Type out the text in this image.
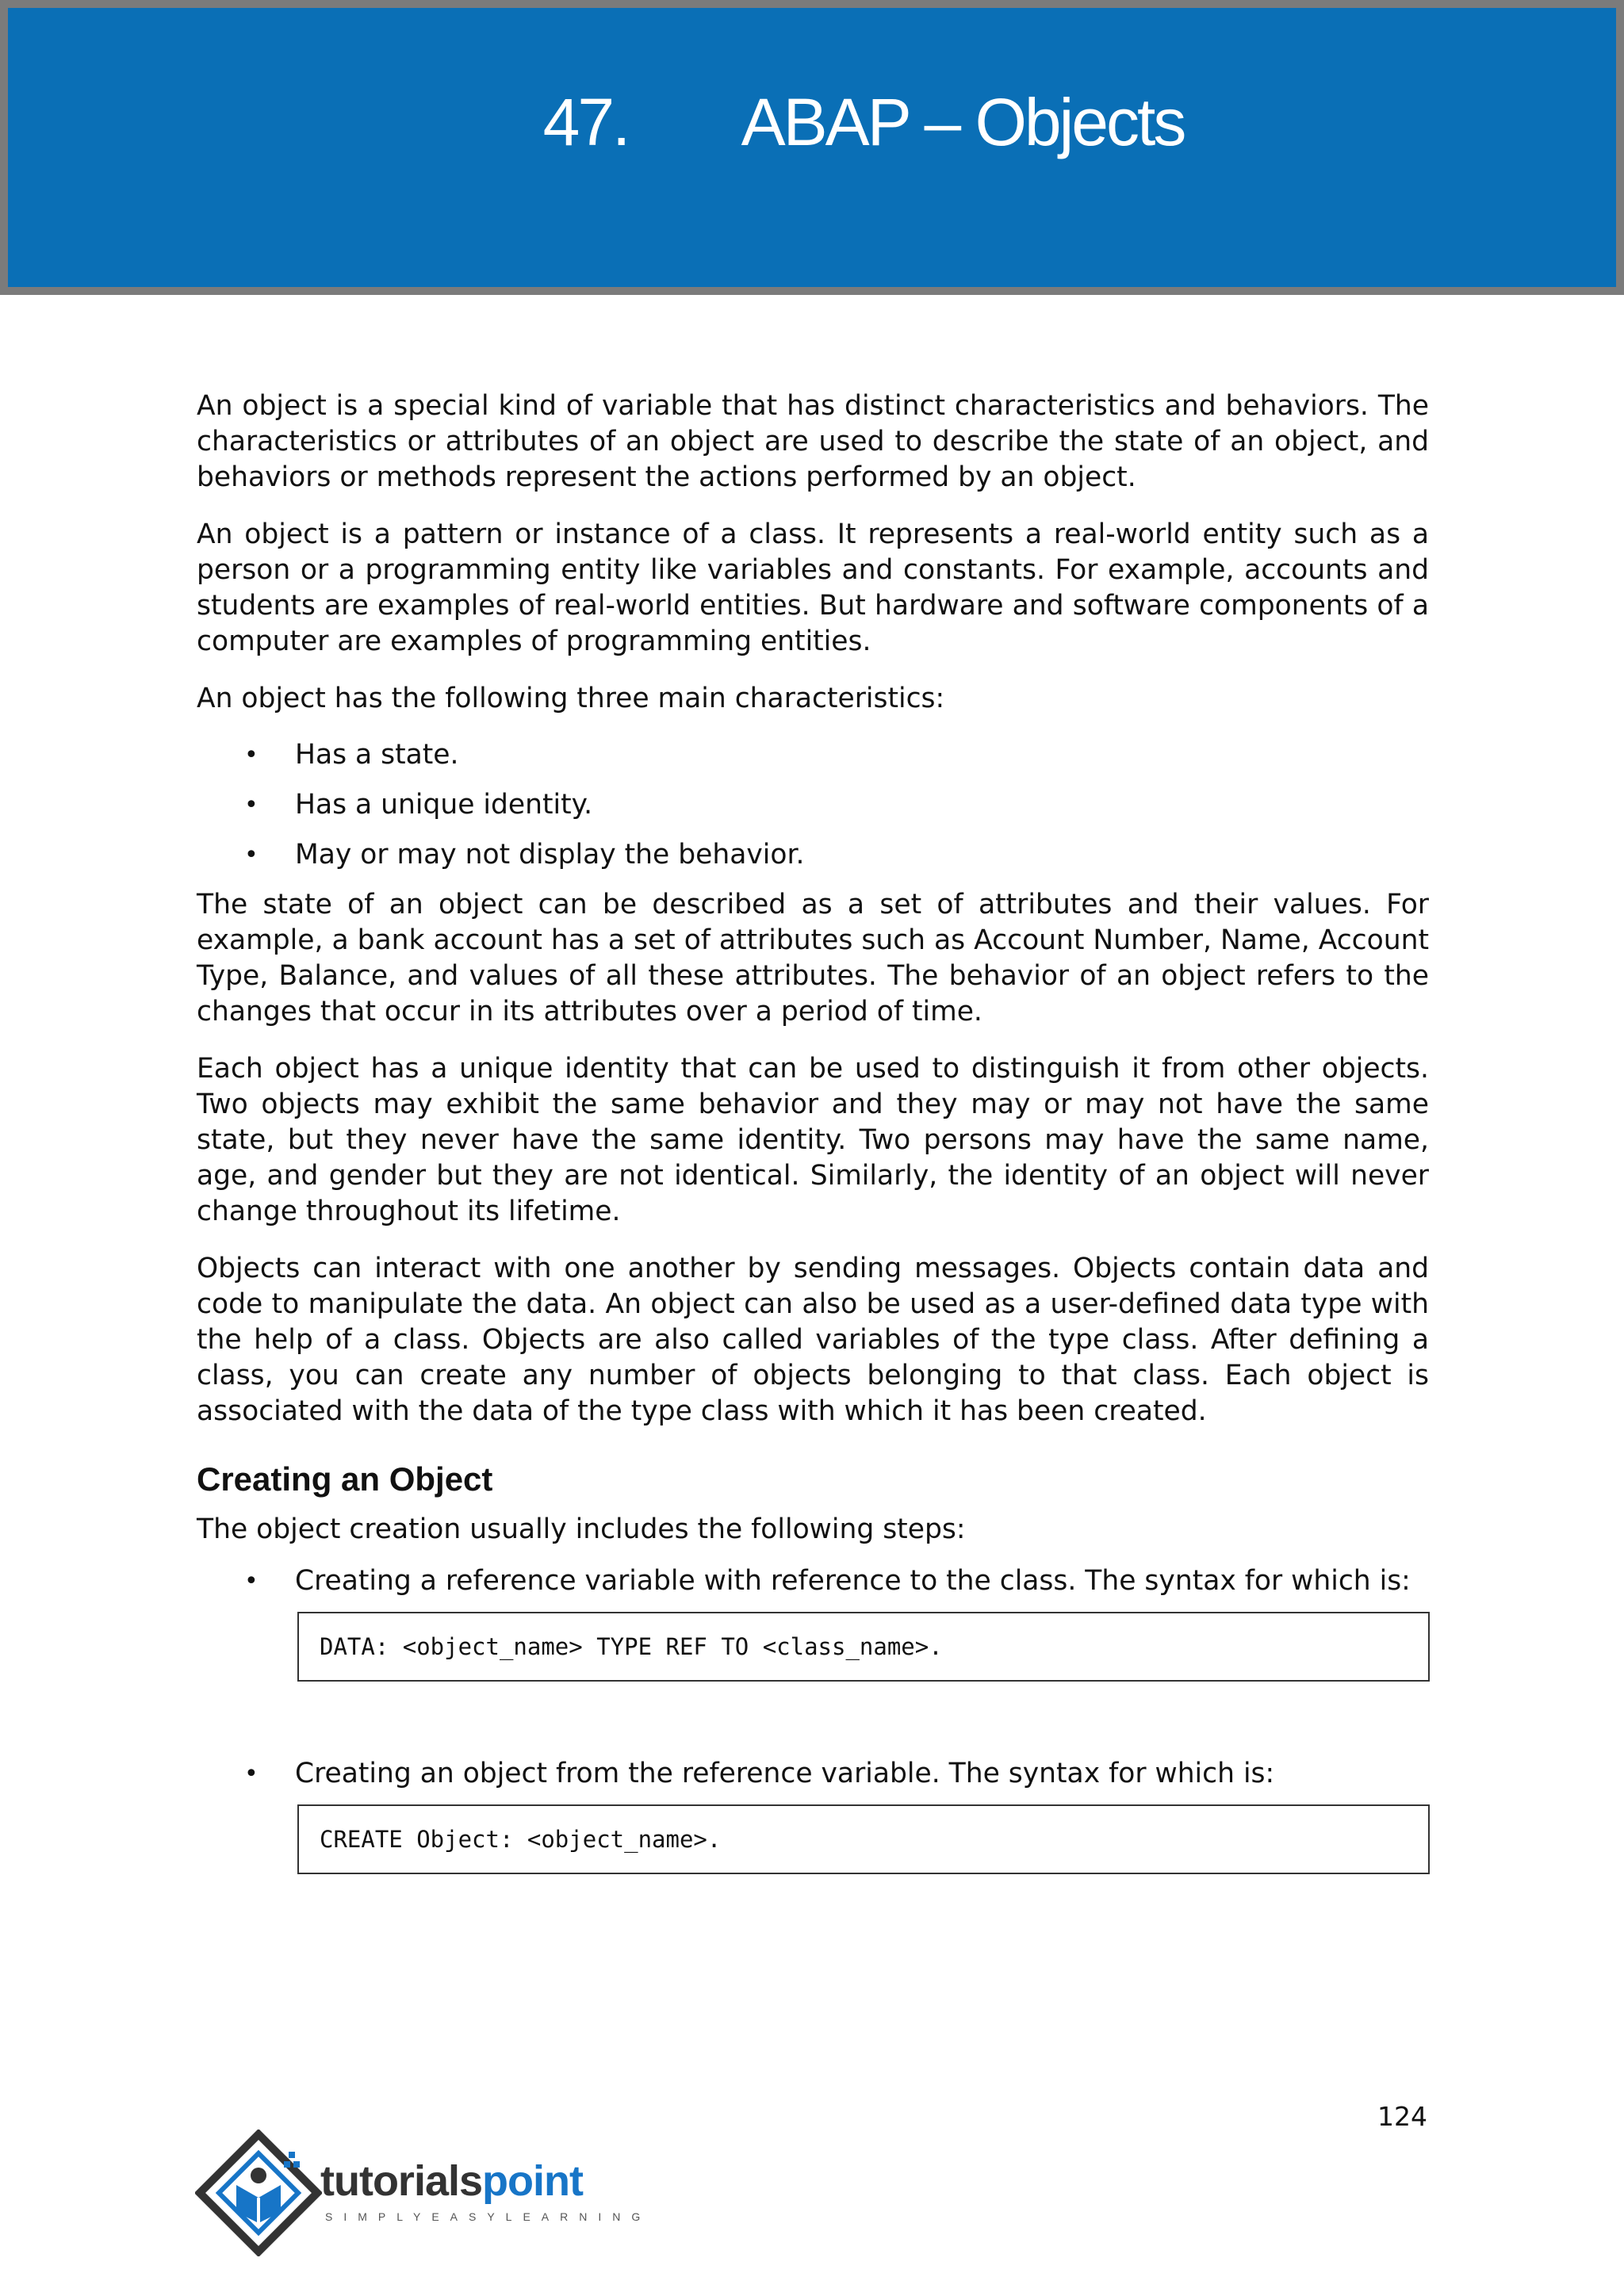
47. ABAP – Objects

An object is a special kind of variable that has distinct characteristics and behaviors. The characteristics or attributes of an object are used to describe the state of an object, and behaviors or methods represent the actions performed by an object.

An object is a pattern or instance of a class. It represents a real-world entity such as a person or a programming entity like variables and constants. For example, accounts and students are examples of real-world entities. But hardware and software components of a computer are examples of programming entities.

An object has the following three main characteristics:

• Has a state.
• Has a unique identity.
• May or may not display the behavior.

The state of an object can be described as a set of attributes and their values. For example, a bank account has a set of attributes such as Account Number, Name, Account Type, Balance, and values of all these attributes. The behavior of an object refers to the changes that occur in its attributes over a period of time.

Each object has a unique identity that can be used to distinguish it from other objects. Two objects may exhibit the same behavior and they may or may not have the same state, but they never have the same identity. Two persons may have the same name, age, and gender but they are not identical. Similarly, the identity of an object will never change throughout its lifetime.

Objects can interact with one another by sending messages. Objects contain data and code to manipulate the data. An object can also be used as a user-defined data type with the help of a class. Objects are also called variables of the type class. After defining a class, you can create any number of objects belonging to that class. Each object is associated with the data of the type class with which it has been created.

Creating an Object

The object creation usually includes the following steps:

• Creating a reference variable with reference to the class. The syntax for which is:
DATA: <object_name> TYPE REF TO <class_name>.
• Creating an object from the reference variable. The syntax for which is:
CREATE Object: <object_name>.
124
tutorialspoint
SIMPLYEASYLEARNING
